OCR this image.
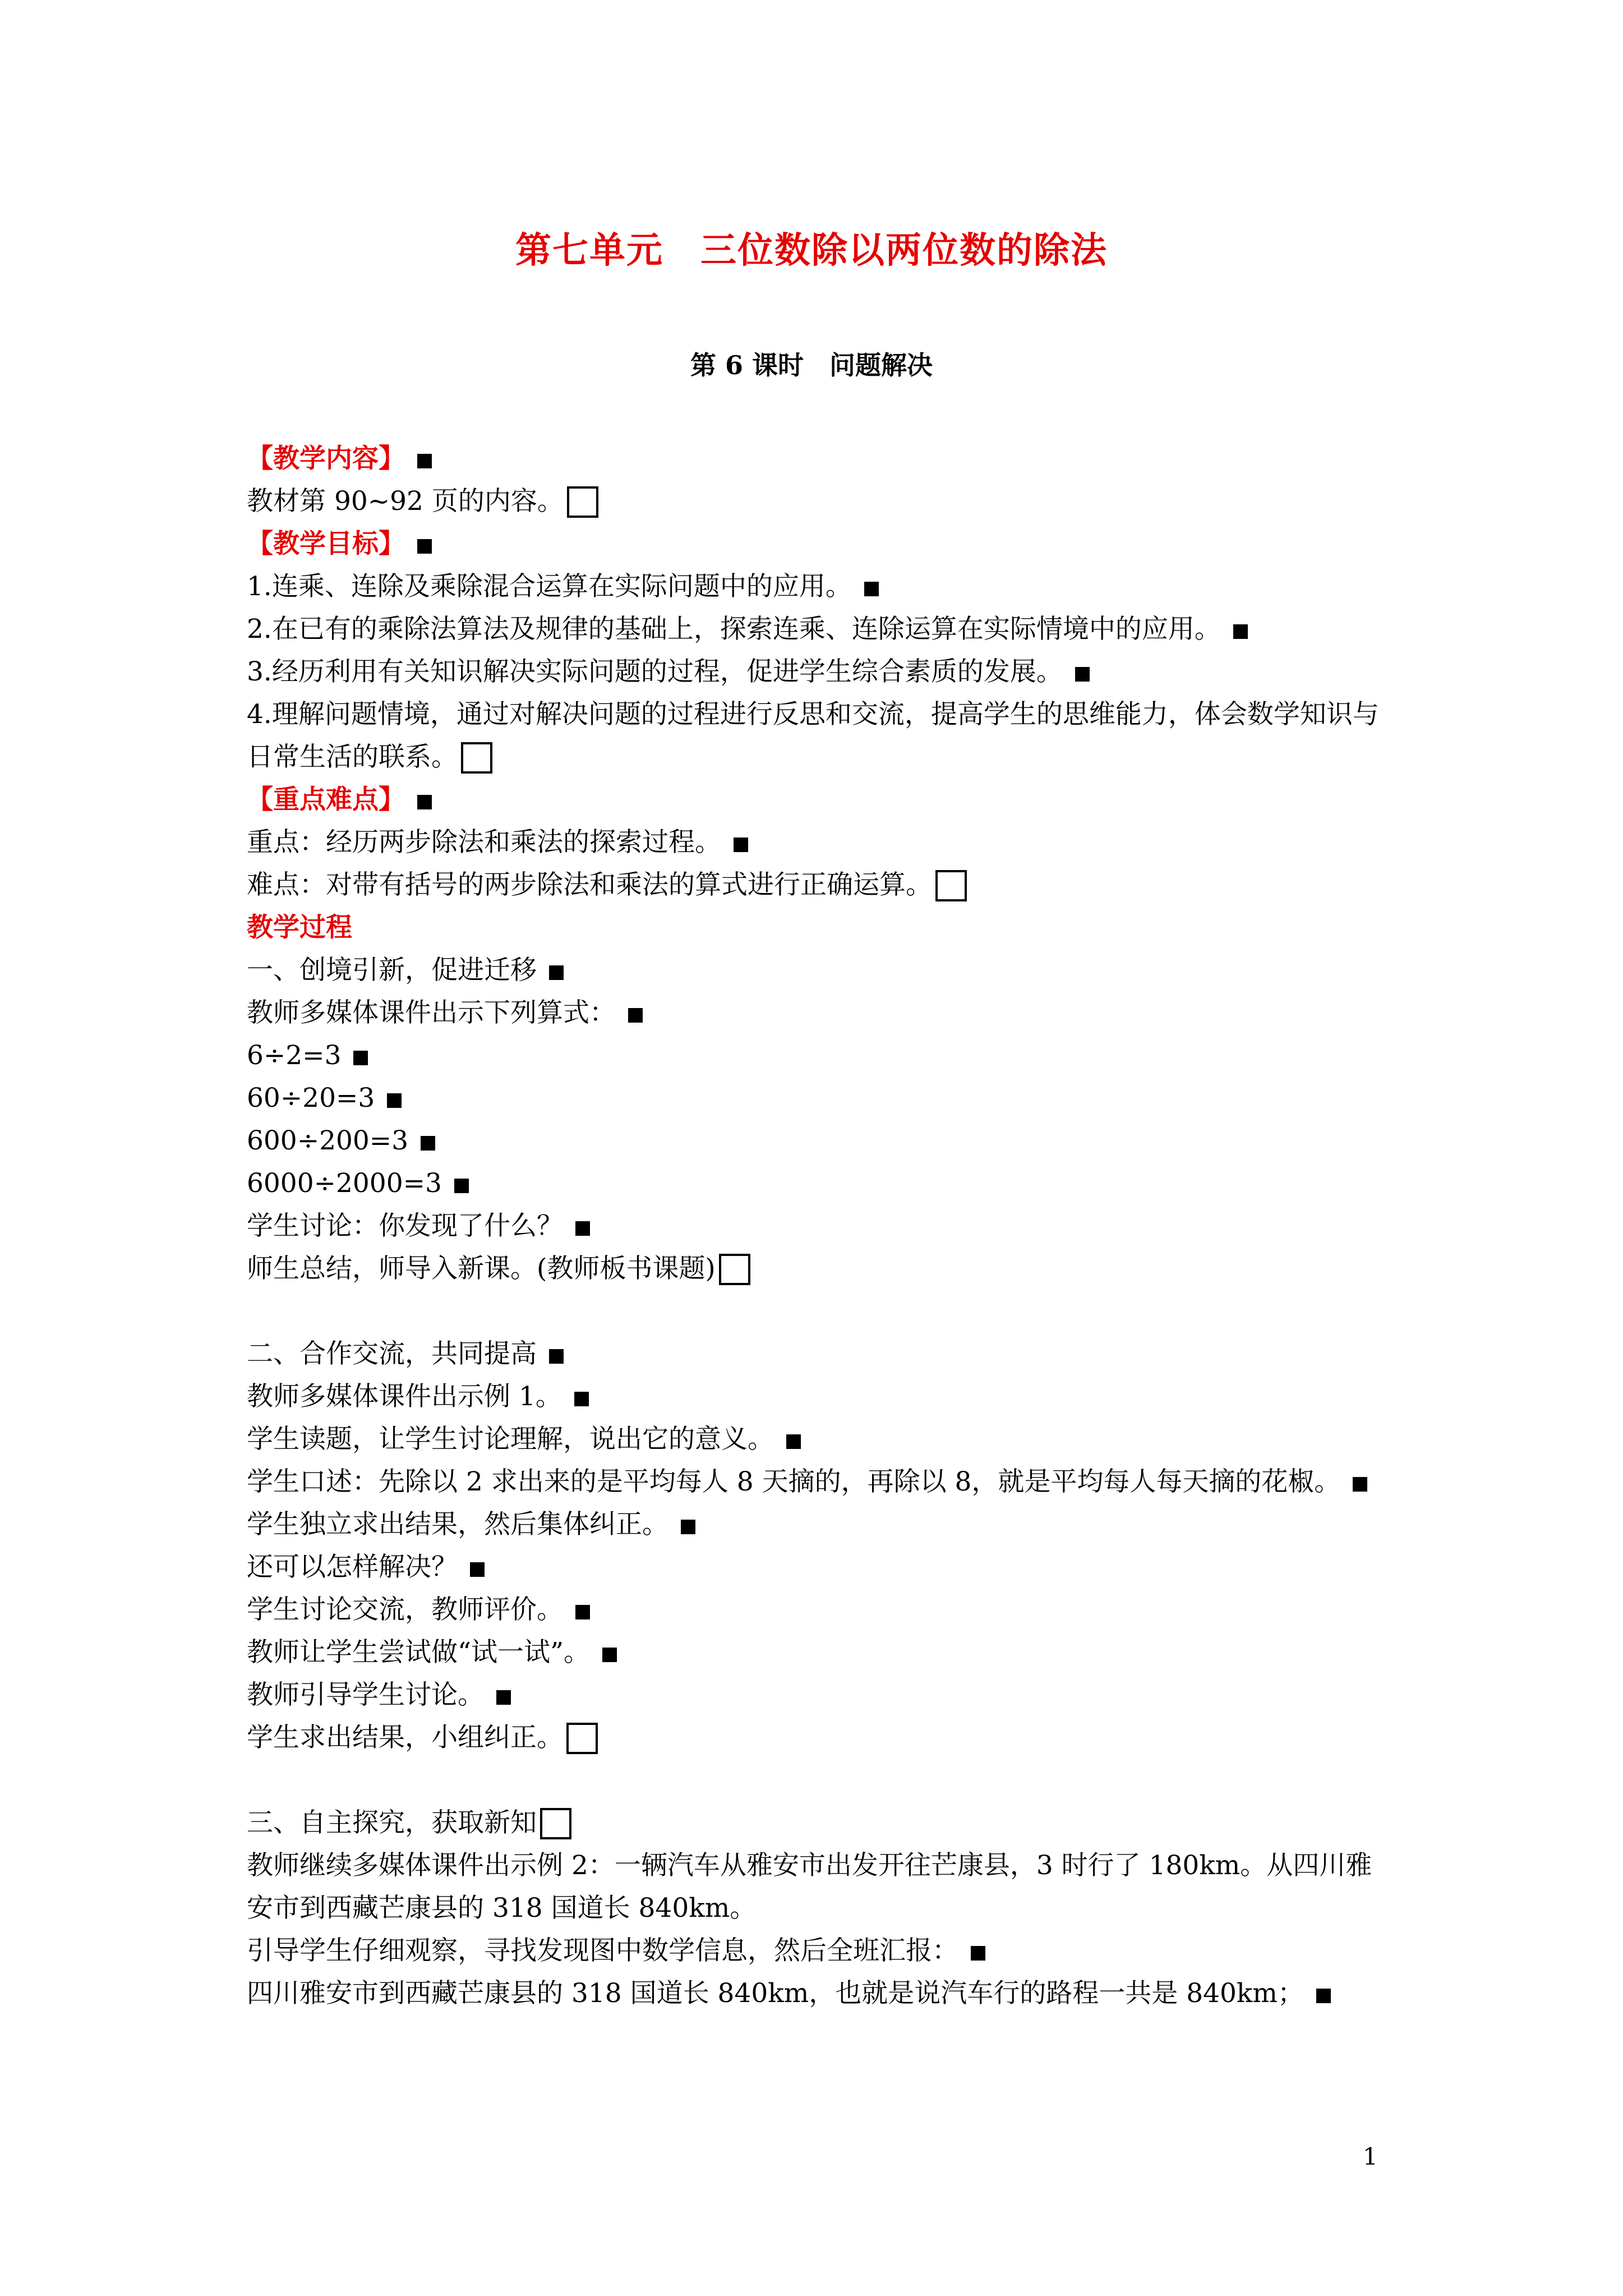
第七单元　三位数除以两位数的除法
第 6 课时　问题解决
【教学内容】
教材第 90~92 页的内容。
【教学目标】
1.连乘、连除及乘除混合运算在实际问题中的应用。
2.在已有的乘除法算法及规律的基础上，探索连乘、连除运算在实际情境中的应用。
3.经历利用有关知识解决实际问题的过程，促进学生综合素质的发展。
4.理解问题情境，通过对解决问题的过程进行反思和交流，提高学生的思维能力，体会数学知识与日常生活的联系。
【重点难点】
重点：经历两步除法和乘法的探索过程。
难点：对带有括号的两步除法和乘法的算式进行正确运算。
教学过程
一、创境引新，促进迁移
教师多媒体课件出示下列算式：
6÷2=3
60÷20=3
600÷200=3
6000÷2000=3
学生讨论：你发现了什么？
师生总结，师导入新课。(教师板书课题)
二、合作交流，共同提高
教师多媒体课件出示例 1。
学生读题，让学生讨论理解，说出它的意义。
学生口述：先除以 2 求出来的是平均每人 8 天摘的，再除以 8，就是平均每人每天摘的花椒。
学生独立求出结果，然后集体纠正。
还可以怎样解决？
学生讨论交流，教师评价。
教师让学生尝试做“试一试”。
教师引导学生讨论。
学生求出结果，小组纠正。
三、自主探究，获取新知
教师继续多媒体课件出示例 2：一辆汽车从雅安市出发开往芒康县，3 时行了 180km。从四川雅安市到西藏芒康县的 318 国道长 840km。
引导学生仔细观察，寻找发现图中数学信息，然后全班汇报：
四川雅安市到西藏芒康县的 318 国道长 840km，也就是说汽车行的路程一共是 840km；
1
